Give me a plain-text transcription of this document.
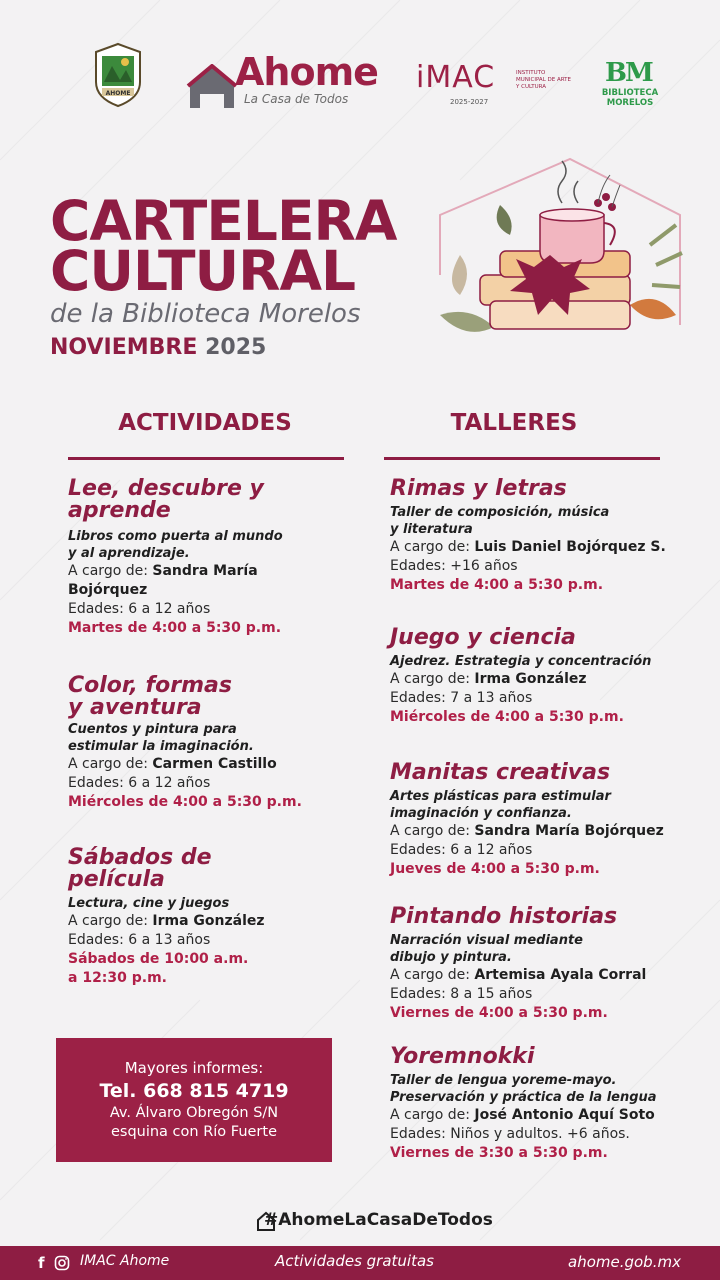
AHOME	Ahome
La Casa de Todos
iMAC	INSTITUTO MUNICIPAL DE ARTE Y CULTURA
2025-2027
BM
BIBLIOTECA MORELOS
CARTELERA
CULTURAL
de la Biblioteca Morelos
NOVIEMBRE 2025
ACTIVIDADES	TALLERES
Lee, descubre y
aprende
Libros como puerta al mundo
y al aprendizaje.
A cargo de: Sandra María
Bojórquez
Edades: 6 a 12 años
Martes de 4:00 a 5:30 p.m.
Color, formas
y aventura
Cuentos y pintura para
estimular la imaginación.
A cargo de: Carmen Castillo
Edades: 6 a 12 años
Miércoles de 4:00 a 5:30 p.m.
Sábados de
película
Lectura, cine y juegos
A cargo de: Irma González
Edades: 6 a 13 años
Sábados de 10:00 a.m.
a 12:30 p.m.
Rimas y letras
Taller de composición, música
y literatura
A cargo de: Luis Daniel Bojórquez S.
Edades: +16 años
Martes de 4:00 a 5:30 p.m.
Juego y ciencia
Ajedrez. Estrategia y concentración
A cargo de: Irma González
Edades: 7 a 13 años
Miércoles de 4:00 a 5:30 p.m.
Manitas creativas
Artes plásticas para estimular
imaginación y confianza.
A cargo de: Sandra María Bojórquez
Edades: 6 a 12 años
Jueves de 4:00 a 5:30 p.m.
Pintando historias
Narración visual mediante
dibujo y pintura.
A cargo de: Artemisa Ayala Corral
Edades: 8 a 15 años
Viernes de 4:00 a 5:30 p.m.
Yoremnokki
Taller de lengua yoreme-mayo.
Preservación y práctica de la lengua
A cargo de: José Antonio Aquí Soto
Edades: Niños y adultos. +6 años.
Viernes de 3:30 a 5:30 p.m.
Mayores informes:
Tel. 668 815 4719
Av. Álvaro Obregón S/N
esquina con Río Fuerte
#AhomeLaCasaDeTodos
f	IMAC Ahome	Actividades gratuitas	ahome.gob.mx
